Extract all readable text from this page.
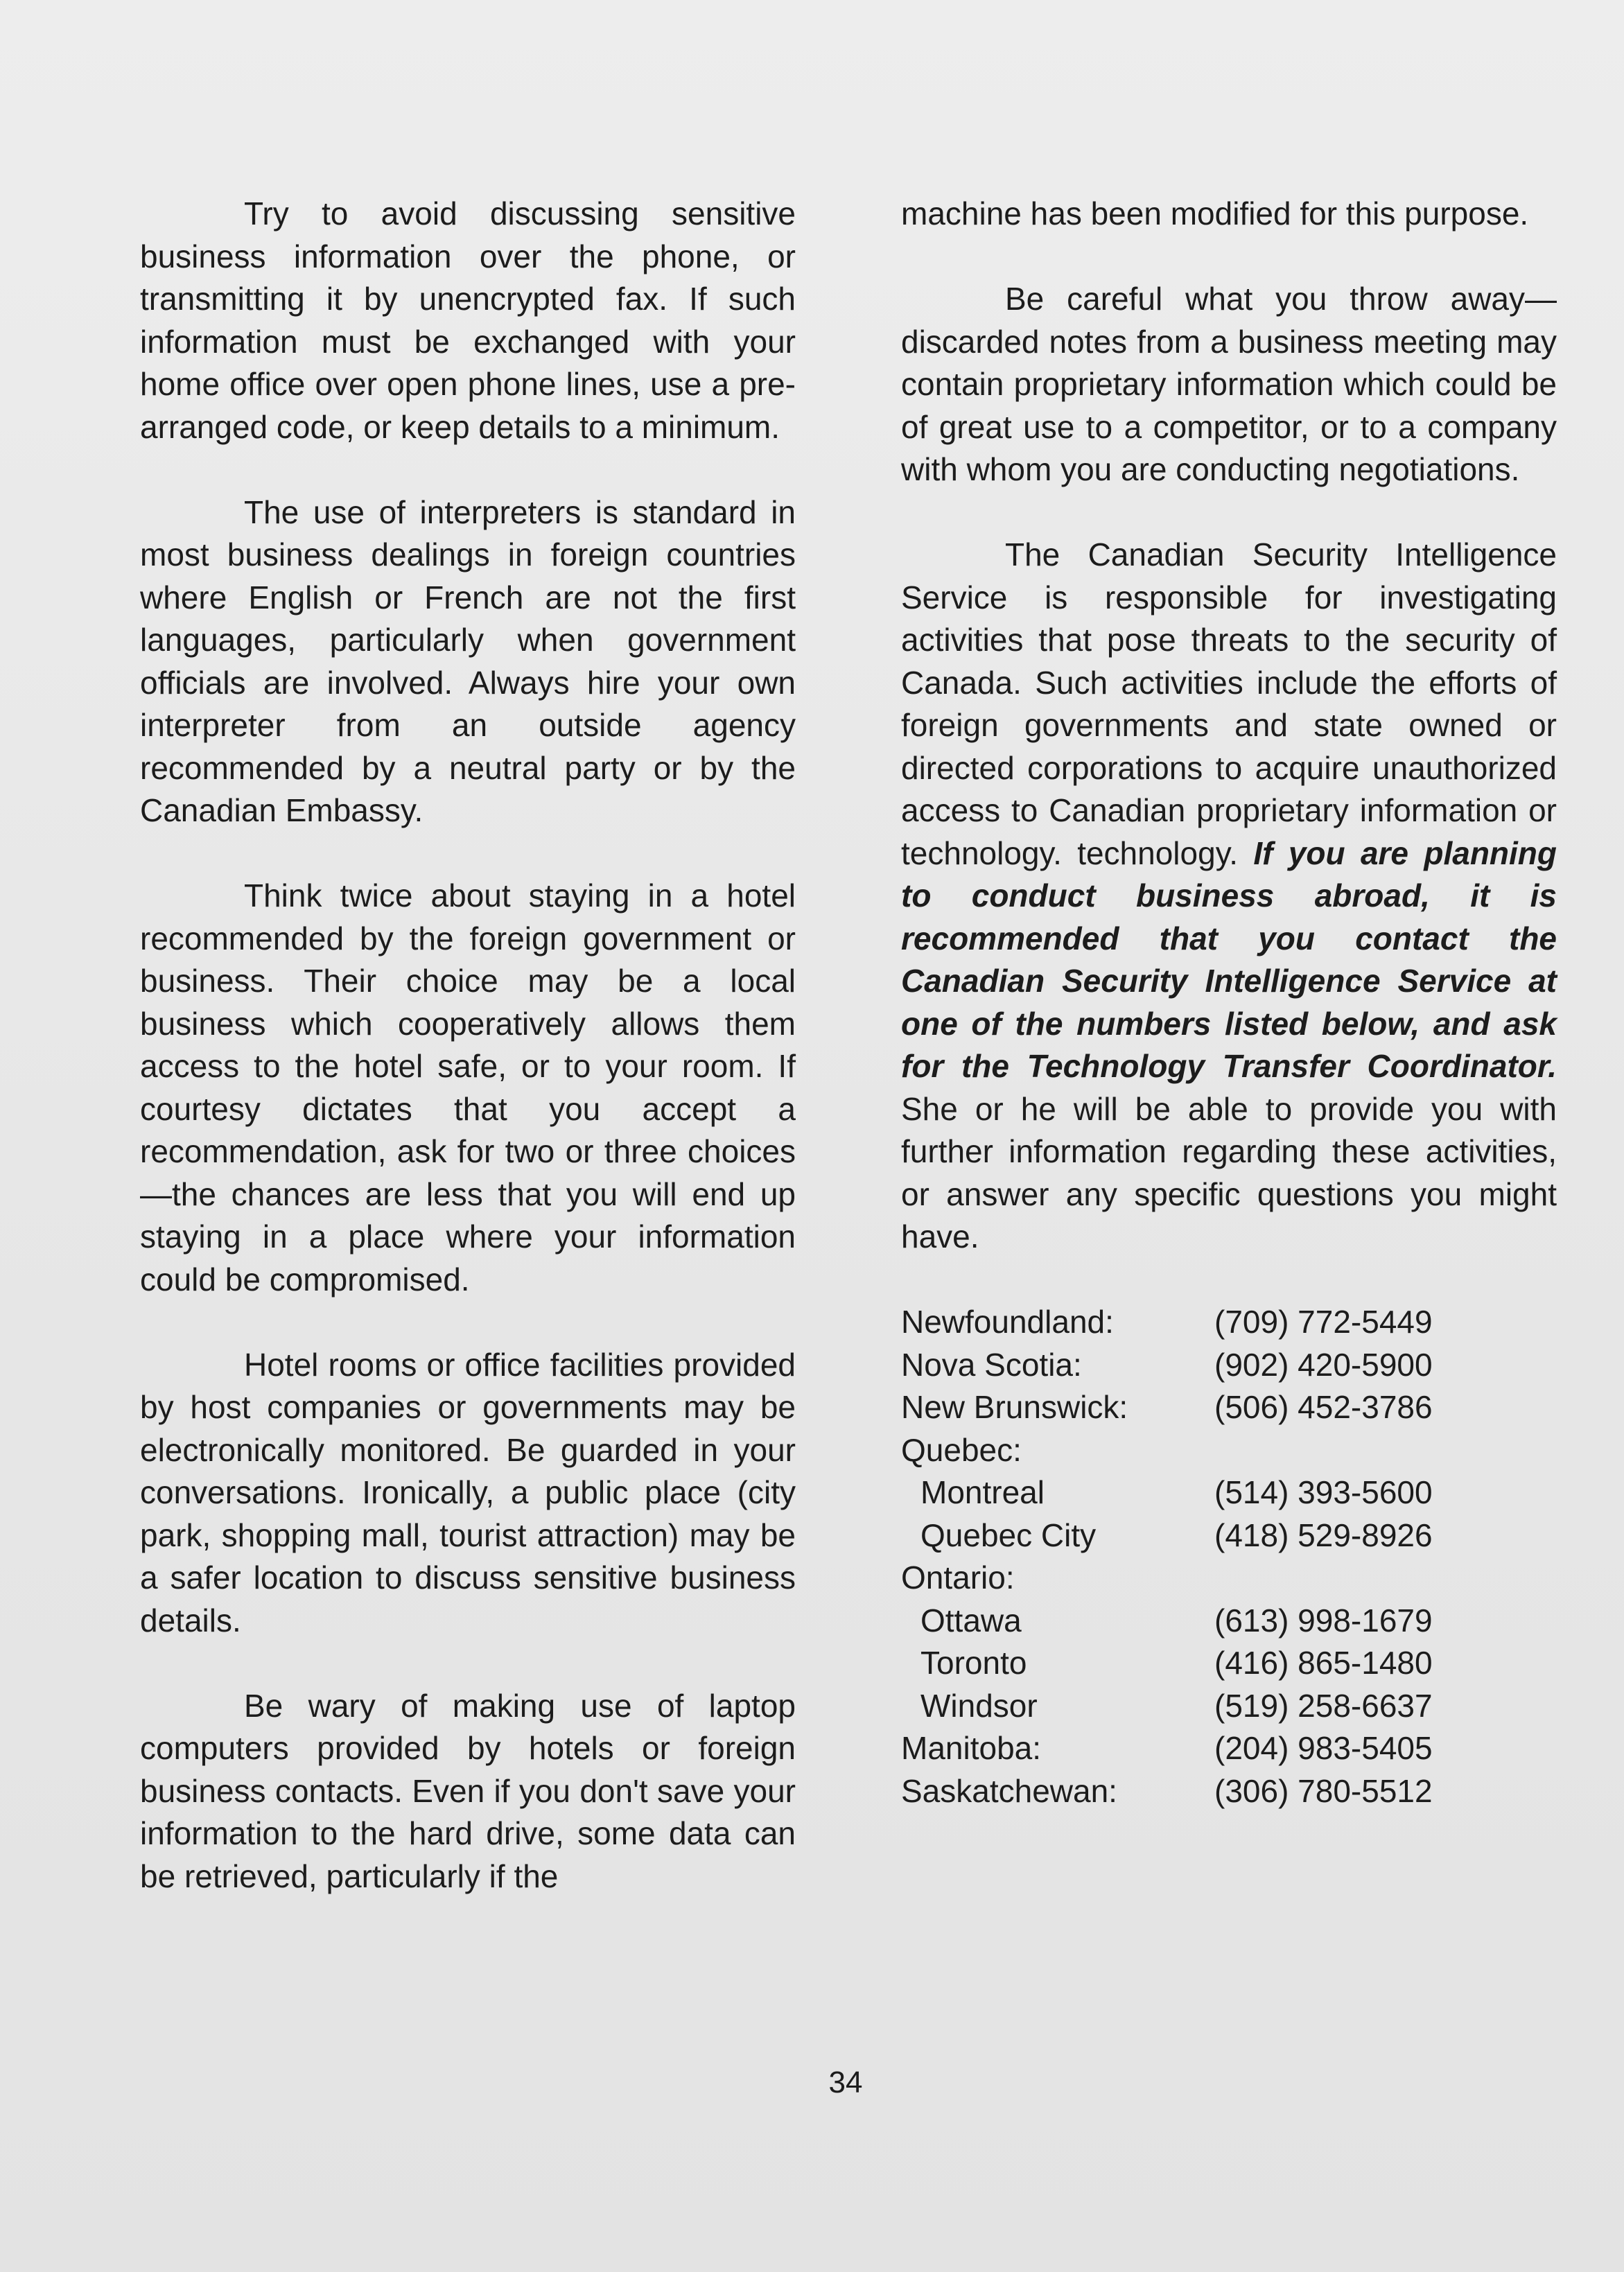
Try to avoid discussing sensitive business information over the phone, or transmitting it by unencrypted fax. If such information must be exchanged with your home office over open phone lines, use a pre-arranged code, or keep details to a minimum.

The use of interpreters is standard in most business dealings in foreign countries where English or French are not the first languages, particularly when government officials are involved. Always hire your own interpreter from an outside agency recommended by a neutral party or by the Canadian Embassy.

Think twice about staying in a hotel recommended by the foreign government or business. Their choice may be a local business which cooperatively allows them access to the hotel safe, or to your room. If courtesy dictates that you accept a recommendation, ask for two or three choices—the chances are less that you will end up staying in a place where your information could be compromised.

Hotel rooms or office facilities provided by host companies or governments may be electronically monitored. Be guarded in your conversations. Ironically, a public place (city park, shopping mall, tourist attraction) may be a safer location to discuss sensitive business details.

Be wary of making use of laptop computers provided by hotels or foreign business contacts. Even if you don't save your information to the hard drive, some data can be retrieved, particularly if the

machine has been modified for this purpose.

Be careful what you throw away—discarded notes from a business meeting may contain proprietary information which could be of great use to a competitor, or to a company with whom you are conducting negotiations.

The Canadian Security Intelligence Service is responsible for investigating activities that pose threats to the security of Canada. Such activities include the efforts of foreign governments and state owned or directed corporations to acquire unauthorized access to Canadian proprietary information or technology. technology. If you are planning to conduct business abroad, it is recommended that you contact the Canadian Security Intelligence Service at one of the numbers listed below, and ask for the Technology Transfer Coordinator. She or he will be able to provide you with further information regarding these activities, or answer any specific questions you might have.

Newfoundland:	(709) 772-5449
Nova Scotia:	(902) 420-5900
New Brunswick:	(506) 452-3786
Quebec:
Montreal	(514) 393-5600
Quebec City	(418) 529-8926
Ontario:
Ottawa	(613) 998-1679
Toronto	(416) 865-1480
Windsor	(519) 258-6637
Manitoba:	(204) 983-5405
Saskatchewan:	(306) 780-5512
34
